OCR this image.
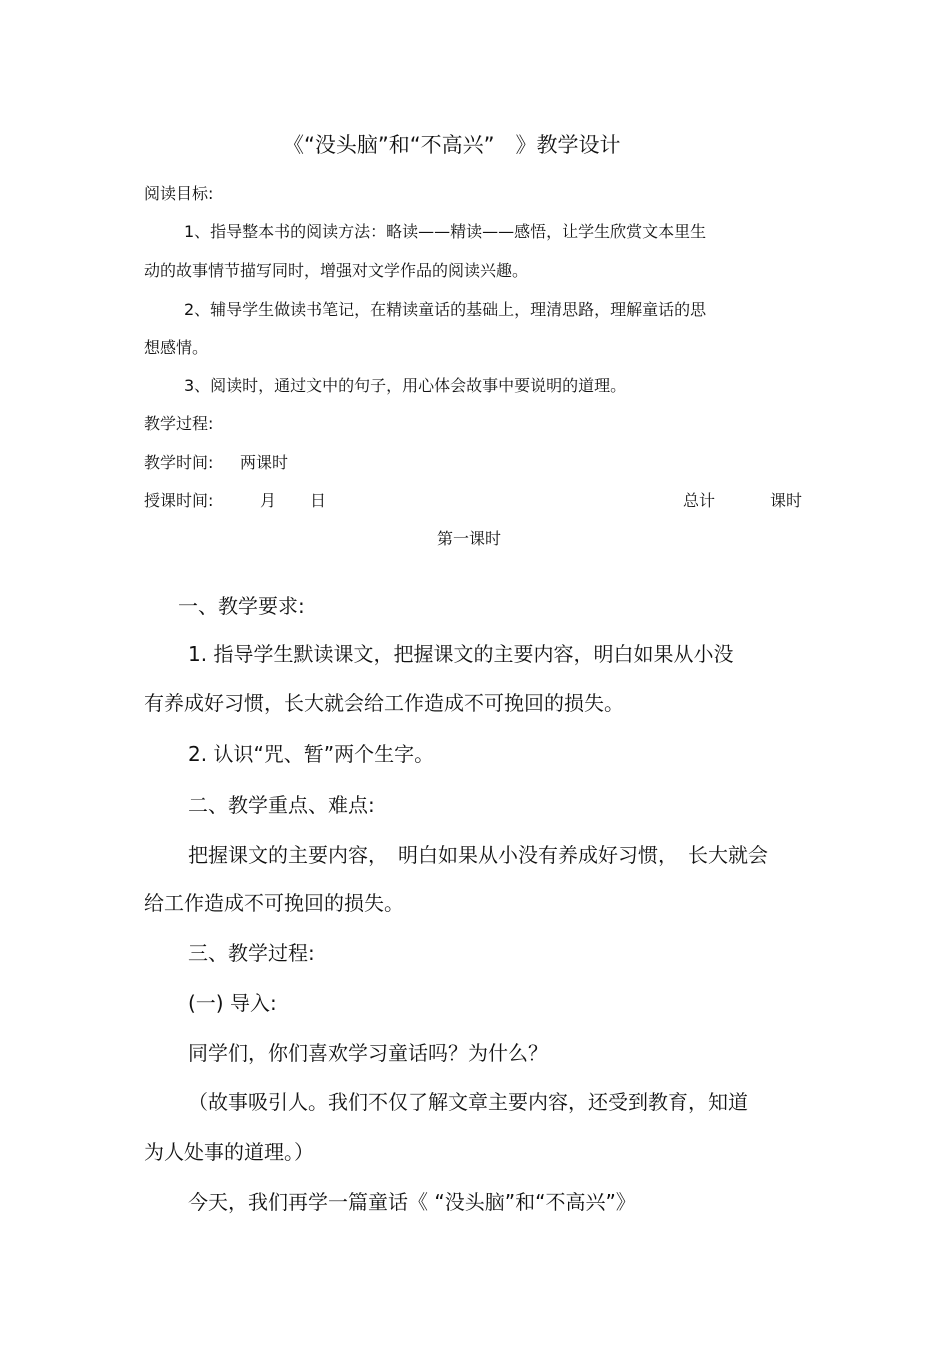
《“没头脑”和“不高兴”　》教学设计
阅读目标:
1、指导整本书的阅读方法：略读——精读——感悟，让学生欣赏文本里生
动的故事情节描写同时，增强对文学作品的阅读兴趣。
2、辅导学生做读书笔记，在精读童话的基础上，理清思路，理解童话的思
想感情。
3、阅读时，通过文中的句子，用心体会故事中要说明的道理。
教学过程:
教学时间: 两课时
授课时间:	月 日	总计	课时
第一课时
一、教学要求:
1. 指导学生默读课文，把握课文的主要内容，明白如果从小没
有养成好习惯，长大就会给工作造成不可挽回的损失。
2. 认识“咒、暂”两个生字。
二、教学重点、难点:
把握课文的主要内容，　明白如果从小没有养成好习惯，　长大就会
给工作造成不可挽回的损失。
三、教学过程:
(一) 导入:
同学们，你们喜欢学习童话吗？为什么？
（故事吸引人。我们不仅了解文章主要内容，还受到教育，知道
为人处事的道理。）
今天，我们再学一篇童话《 “没头脑”和“不高兴”》
